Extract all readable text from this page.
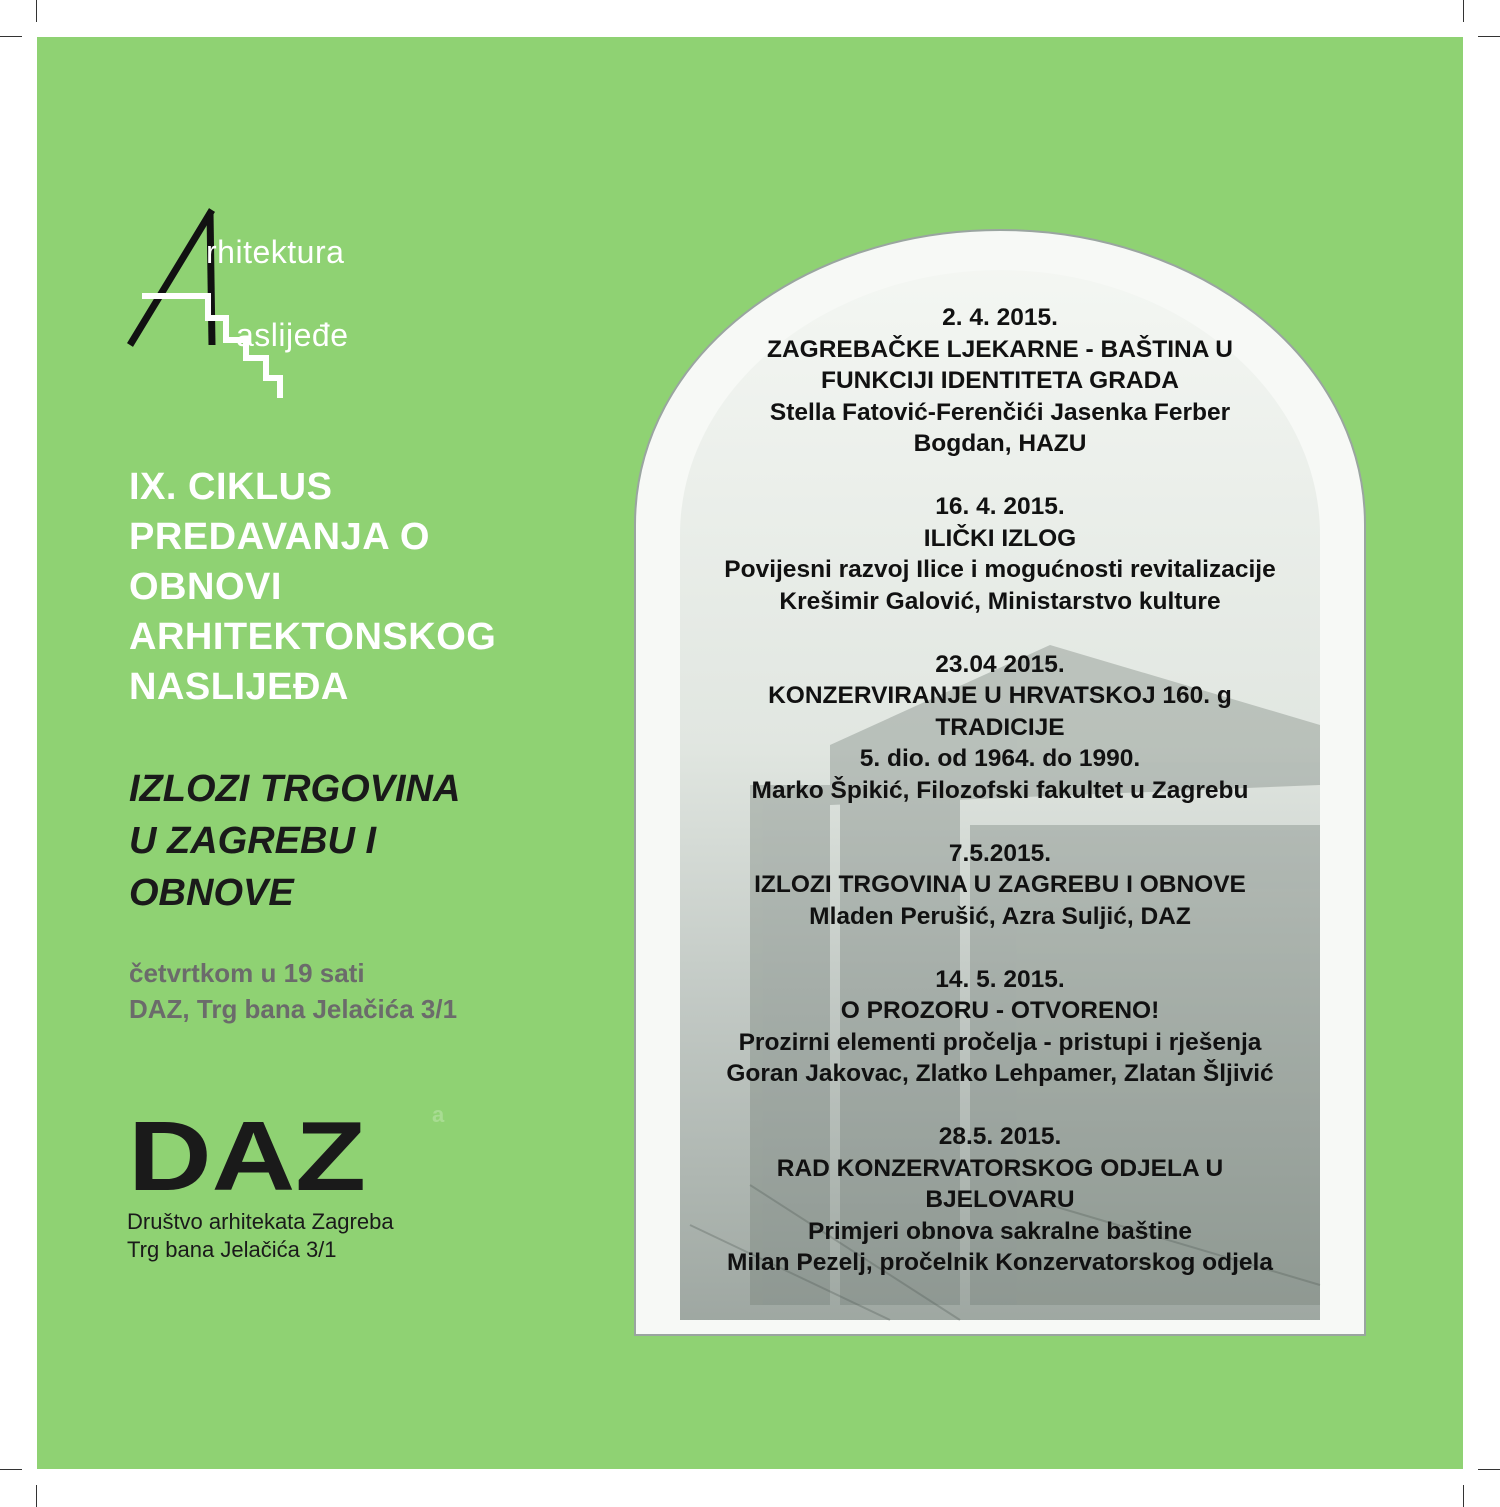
rhitektura
aslijeđe
IX. CIKLUS
PREDAVANJA O
OBNOVI
ARHITEKTONSKOG
NASLIJEĐA
IZLOZI TRGOVINA
U ZAGREBU I
OBNOVE
četvrtkom u 19 sati
DAZ, Trg bana Jelačića 3/1
DAZ	a
Društvo arhitekata Zagreba
Trg bana Jelačića 3/1
2. 4. 2015.
ZAGREBAČKE LJEKARNE - BAŠTINA U
FUNKCIJI IDENTITETA GRADA
Stella Fatović-Ferenčići Jasenka Ferber
Bogdan, HAZU
16. 4. 2015.
ILIČKI IZLOG
Povijesni razvoj Ilice i mogućnosti revitalizacije
Krešimir Galović, Ministarstvo kulture
23.04 2015.
KONZERVIRANJE U HRVATSKOJ 160. g
TRADICIJE
5. dio. od 1964. do 1990.
Marko Špikić, Filozofski fakultet u Zagrebu
7.5.2015.
IZLOZI TRGOVINA U ZAGREBU I OBNOVE
Mladen Perušić, Azra Suljić, DAZ
14. 5. 2015.
O PROZORU - OTVORENO!
Prozirni elementi pročelja - pristupi i rješenja
Goran Jakovac, Zlatko Lehpamer, Zlatan Šljivić
28.5. 2015.
RAD KONZERVATORSKOG ODJELA U
BJELOVARU
Primjeri obnova sakralne baštine
Milan Pezelj, pročelnik Konzervatorskog odjela
